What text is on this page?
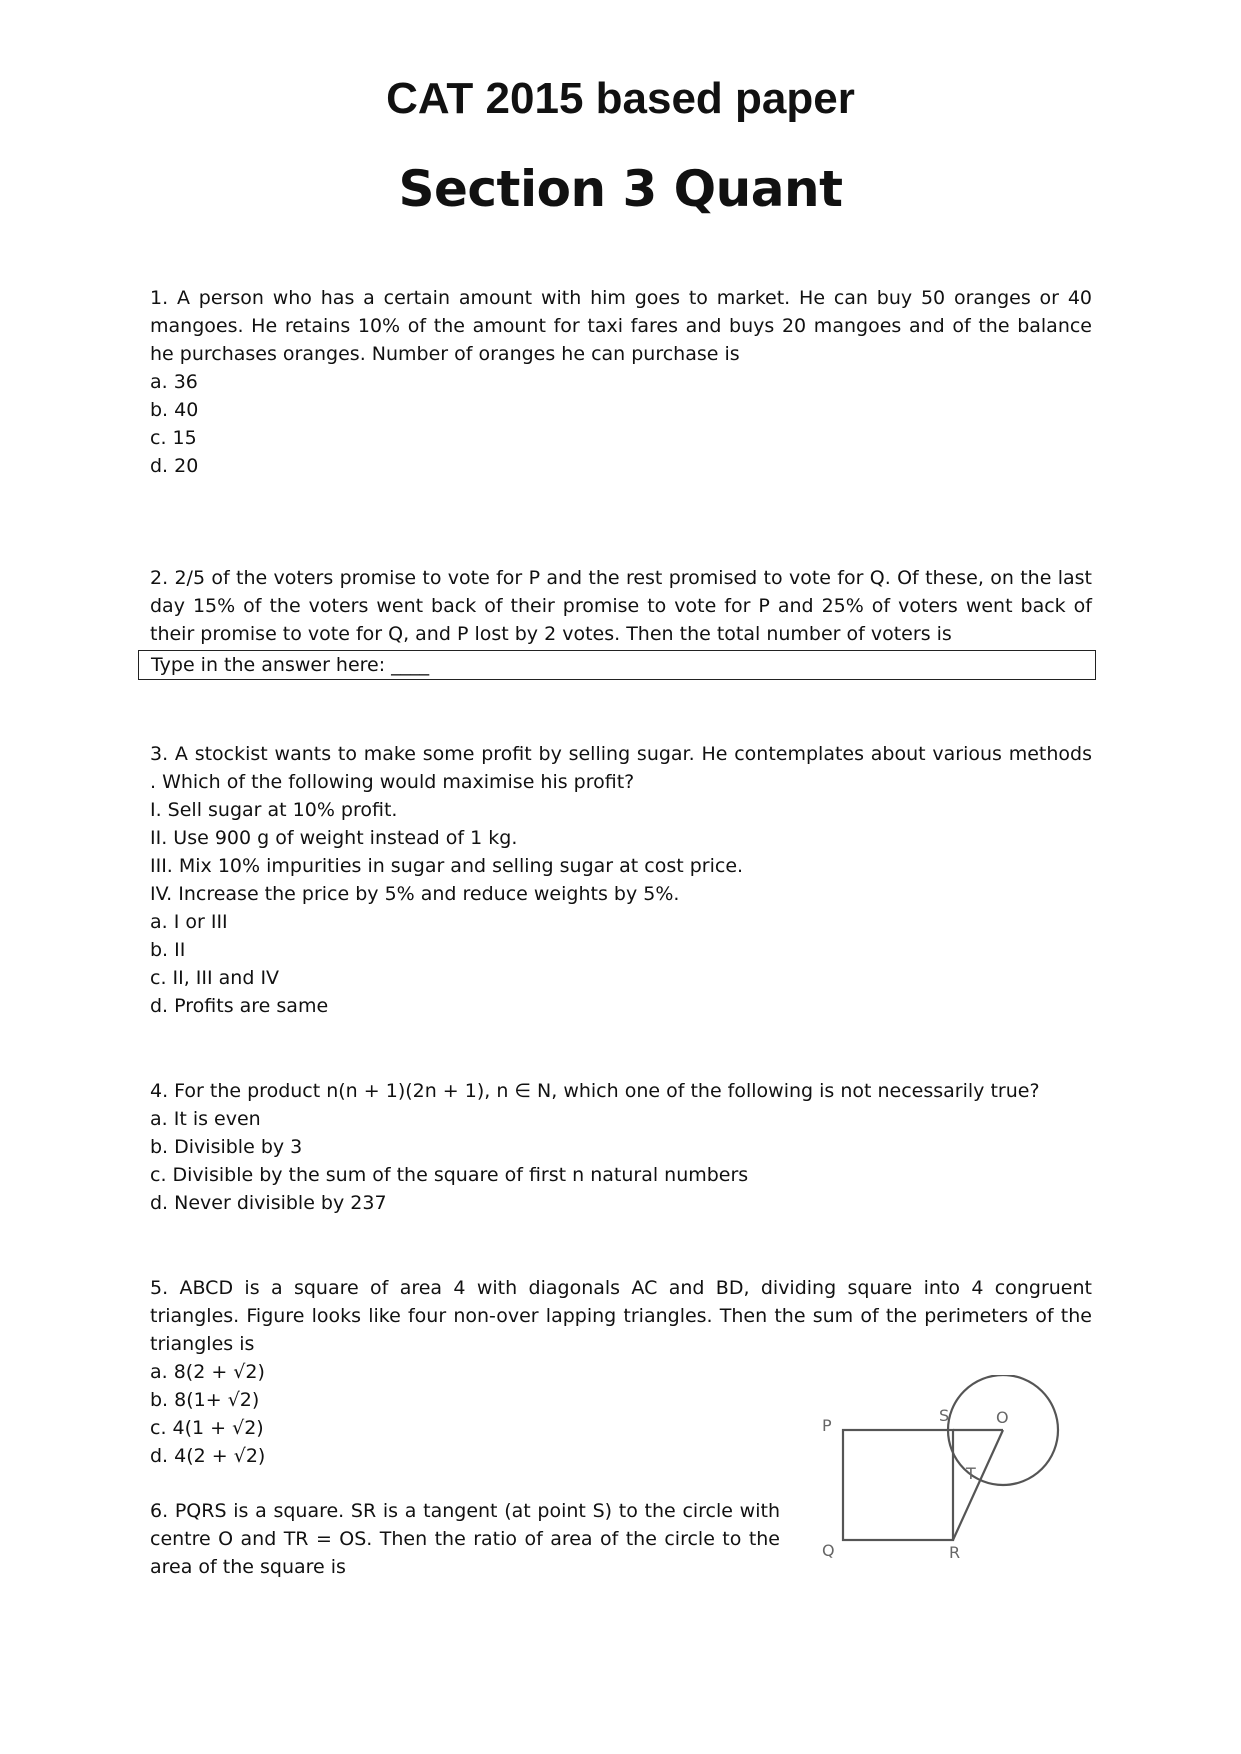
CAT 2015 based paper
Section 3 Quant

1. A person who has a certain amount with him goes to market. He can buy 50 oranges or 40 mangoes. He retains 10% of the amount for taxi fares and buys 20 mangoes and of the balance he purchases oranges. Number of oranges he can purchase is

a. 36
b. 40
c. 15
d. 20

2. 2/5 of the voters promise to vote for P and the rest promised to vote for Q. Of these, on the last day 15% of the voters went back of their promise to vote for P and 25% of voters went back of their promise to vote for Q, and P lost by 2 votes. Then the total number of voters is

Type in the answer here: ____

3. A stockist wants to make some profit by selling sugar. He contemplates about various methods . Which of the following would maximise his profit?

I. Sell sugar at 10% profit.
II. Use 900 g of weight instead of 1 kg.
III. Mix 10% impurities in sugar and selling sugar at cost price.
IV. Increase the price by 5% and reduce weights by 5%.
a. I or III
b. II
c. II, III and IV
d. Profits are same

4. For the product n(n + 1)(2n + 1), n ∈ N, which one of the following is not necessarily true?

a. It is even
b. Divisible by 3
c. Divisible by the sum of the square of first n natural numbers
d. Never divisible by 237

5. ABCD is a square of area 4 with diagonals AC and BD, dividing square into 4 congruent triangles. Figure looks like four non-over lapping triangles. Then the sum of the perimeters of the triangles is

a. 8(2 + √2)
b. 8(1+ √2)
c. 4(1 + √2)
d. 4(2 + √2)

6. PQRS is a square. SR is a tangent (at point S) to the circle with centre O and TR = OS. Then the ratio of area of the circle to the area of the square is

P
S	O
T
Q	R
